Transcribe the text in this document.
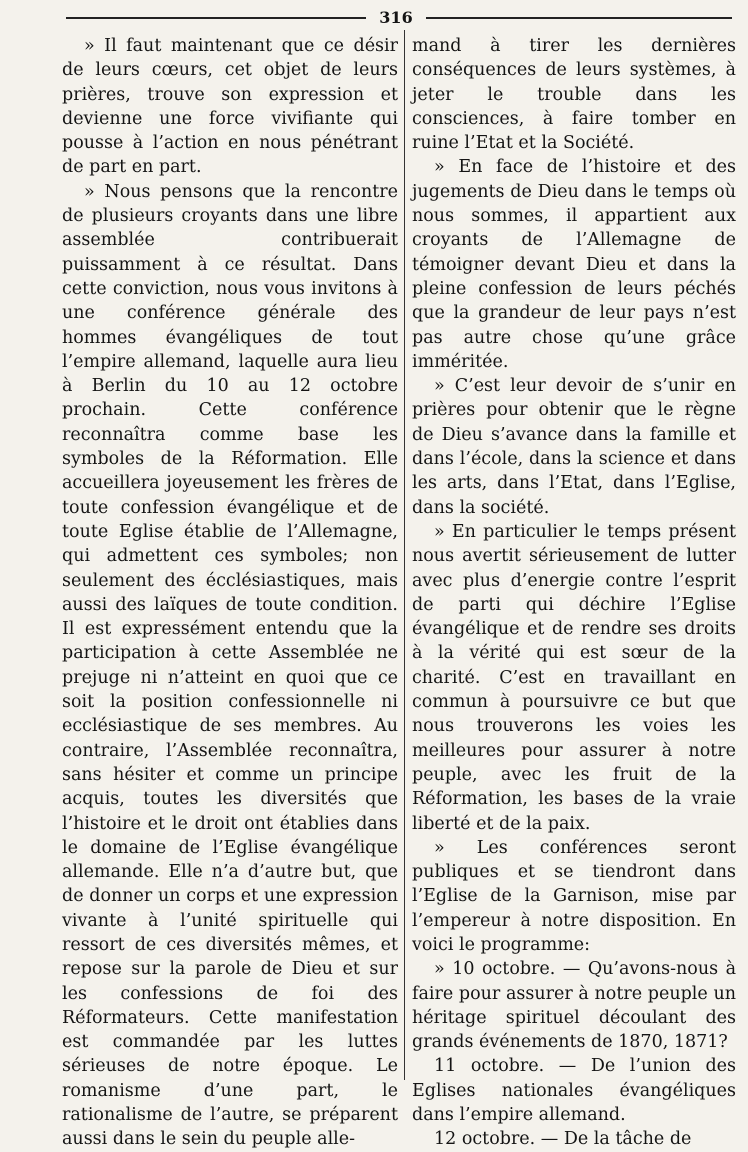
316

» Il faut maintenant que ce désir de leurs cœurs, cet objet de leurs prières, trouve son expression et devienne une force vivifiante qui pousse à l’action en nous pénétrant de part en part.

» Nous pensons que la rencontre de plusieurs croyants dans une libre assemblée contribuerait puissamment à ce résultat. Dans cette conviction, nous vous invitons à une conférence générale des hommes évangéliques de tout l’empire allemand, laquelle aura lieu à Berlin du 10 au 12 octobre prochain. Cette conférence reconnaîtra comme base les symboles de la Réformation. Elle accueillera joyeusement les frères de toute confession évangélique et de toute Eglise établie de l’Allemagne, qui admettent ces symboles; non seulement des écclésiastiques, mais aussi des laïques de toute condition. Il est expressément entendu que la participation à cette Assemblée ne prejuge ni n’atteint en quoi que ce soit la position confessionnelle ni ecclésiastique de ses membres. Au contraire, l’Assemblée reconnaîtra, sans hésiter et comme un principe acquis, toutes les diversités que l’histoire et le droit ont établies dans le domaine de l’Eglise évangélique allemande. Elle n’a d’autre but, que de donner un corps et une expression vivante à l’unité spirituelle qui ressort de ces diversités mêmes, et repose sur la parole de Dieu et sur les confessions de foi des Réformateurs. Cette manifestation est commandée par les luttes sérieuses de notre époque. Le romanisme d’une part, le rationalisme de l’autre, se préparent aussi dans le sein du peuple alle-

mand à tirer les dernières conséquences de leurs systèmes, à jeter le trouble dans les consciences, à faire tomber en ruine l’Etat et la Société.

» En face de l’histoire et des jugements de Dieu dans le temps où nous sommes, il appartient aux croyants de l’Allemagne de témoigner devant Dieu et dans la pleine confession de leurs péchés que la grandeur de leur pays n’est pas autre chose qu’une grâce imméritée.

» C’est leur devoir de s’unir en prières pour obtenir que le règne de Dieu s’avance dans la famille et dans l’école, dans la science et dans les arts, dans l’Etat, dans l’Eglise, dans la société.

» En particulier le temps présent nous avertit sérieusement de lutter avec plus d’energie contre l’esprit de parti qui déchire l’Eglise évangélique et de rendre ses droits à la vérité qui est sœur de la charité. C’est en travaillant en commun à poursuivre ce but que nous trouverons les voies les meilleures pour assurer à notre peuple, avec les fruit de la Réformation, les bases de la vraie liberté et de la paix.

» Les conférences seront publiques et se tiendront dans l’Eglise de la Garnison, mise par l’empereur à notre disposition. En voici le programme:

» 10 octobre. — Qu’avons-nous à faire pour assurer à notre peuple un héritage spirituel découlant des grands événements de 1870, 1871?

11 octobre. — De l’union des Eglises nationales évangéliques dans l’empire allemand.

12 octobre. — De la tâche de
